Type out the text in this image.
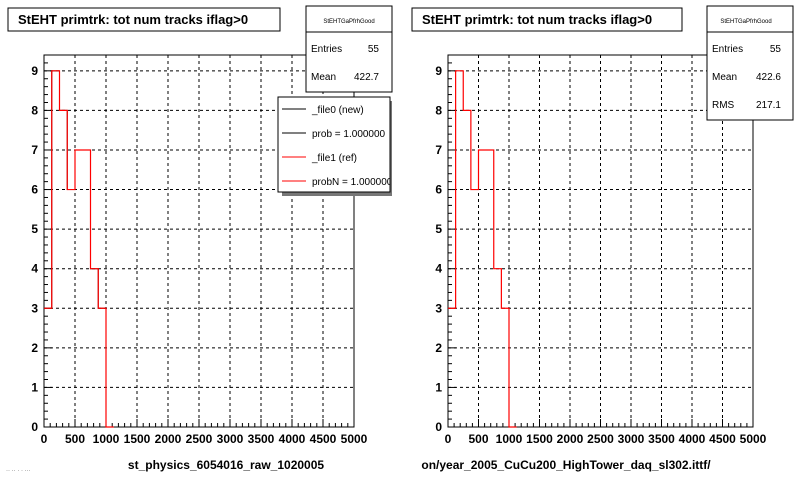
0 500 1000 1500 2000 2500 3000 3500 4000 4500 5000
0
1
2
3
4
5
6
7
8
9
StEHT primtrk: tot num tracks iflag>0	StEHTGaPfrhGood
Entries	55
Mean 422.7
_file0 (new)
prob = 1.000000
_file1 (ref)
probN = 1.000000
st_physics_6054016_raw_1020005
·· ·· · · ···
0 500 1000 1500 2000 2500 3000 3500 4000 4500 5000
0
1
2
3
4
5
6
7
8
9
StEHT primtrk: tot num tracks iflag>0	StEHTGaPfrhGood
Entries	55
Mean 422.6
RMS 217.1
on/year_2005_CuCu200_HighTower_daq_sl302.ittf/
